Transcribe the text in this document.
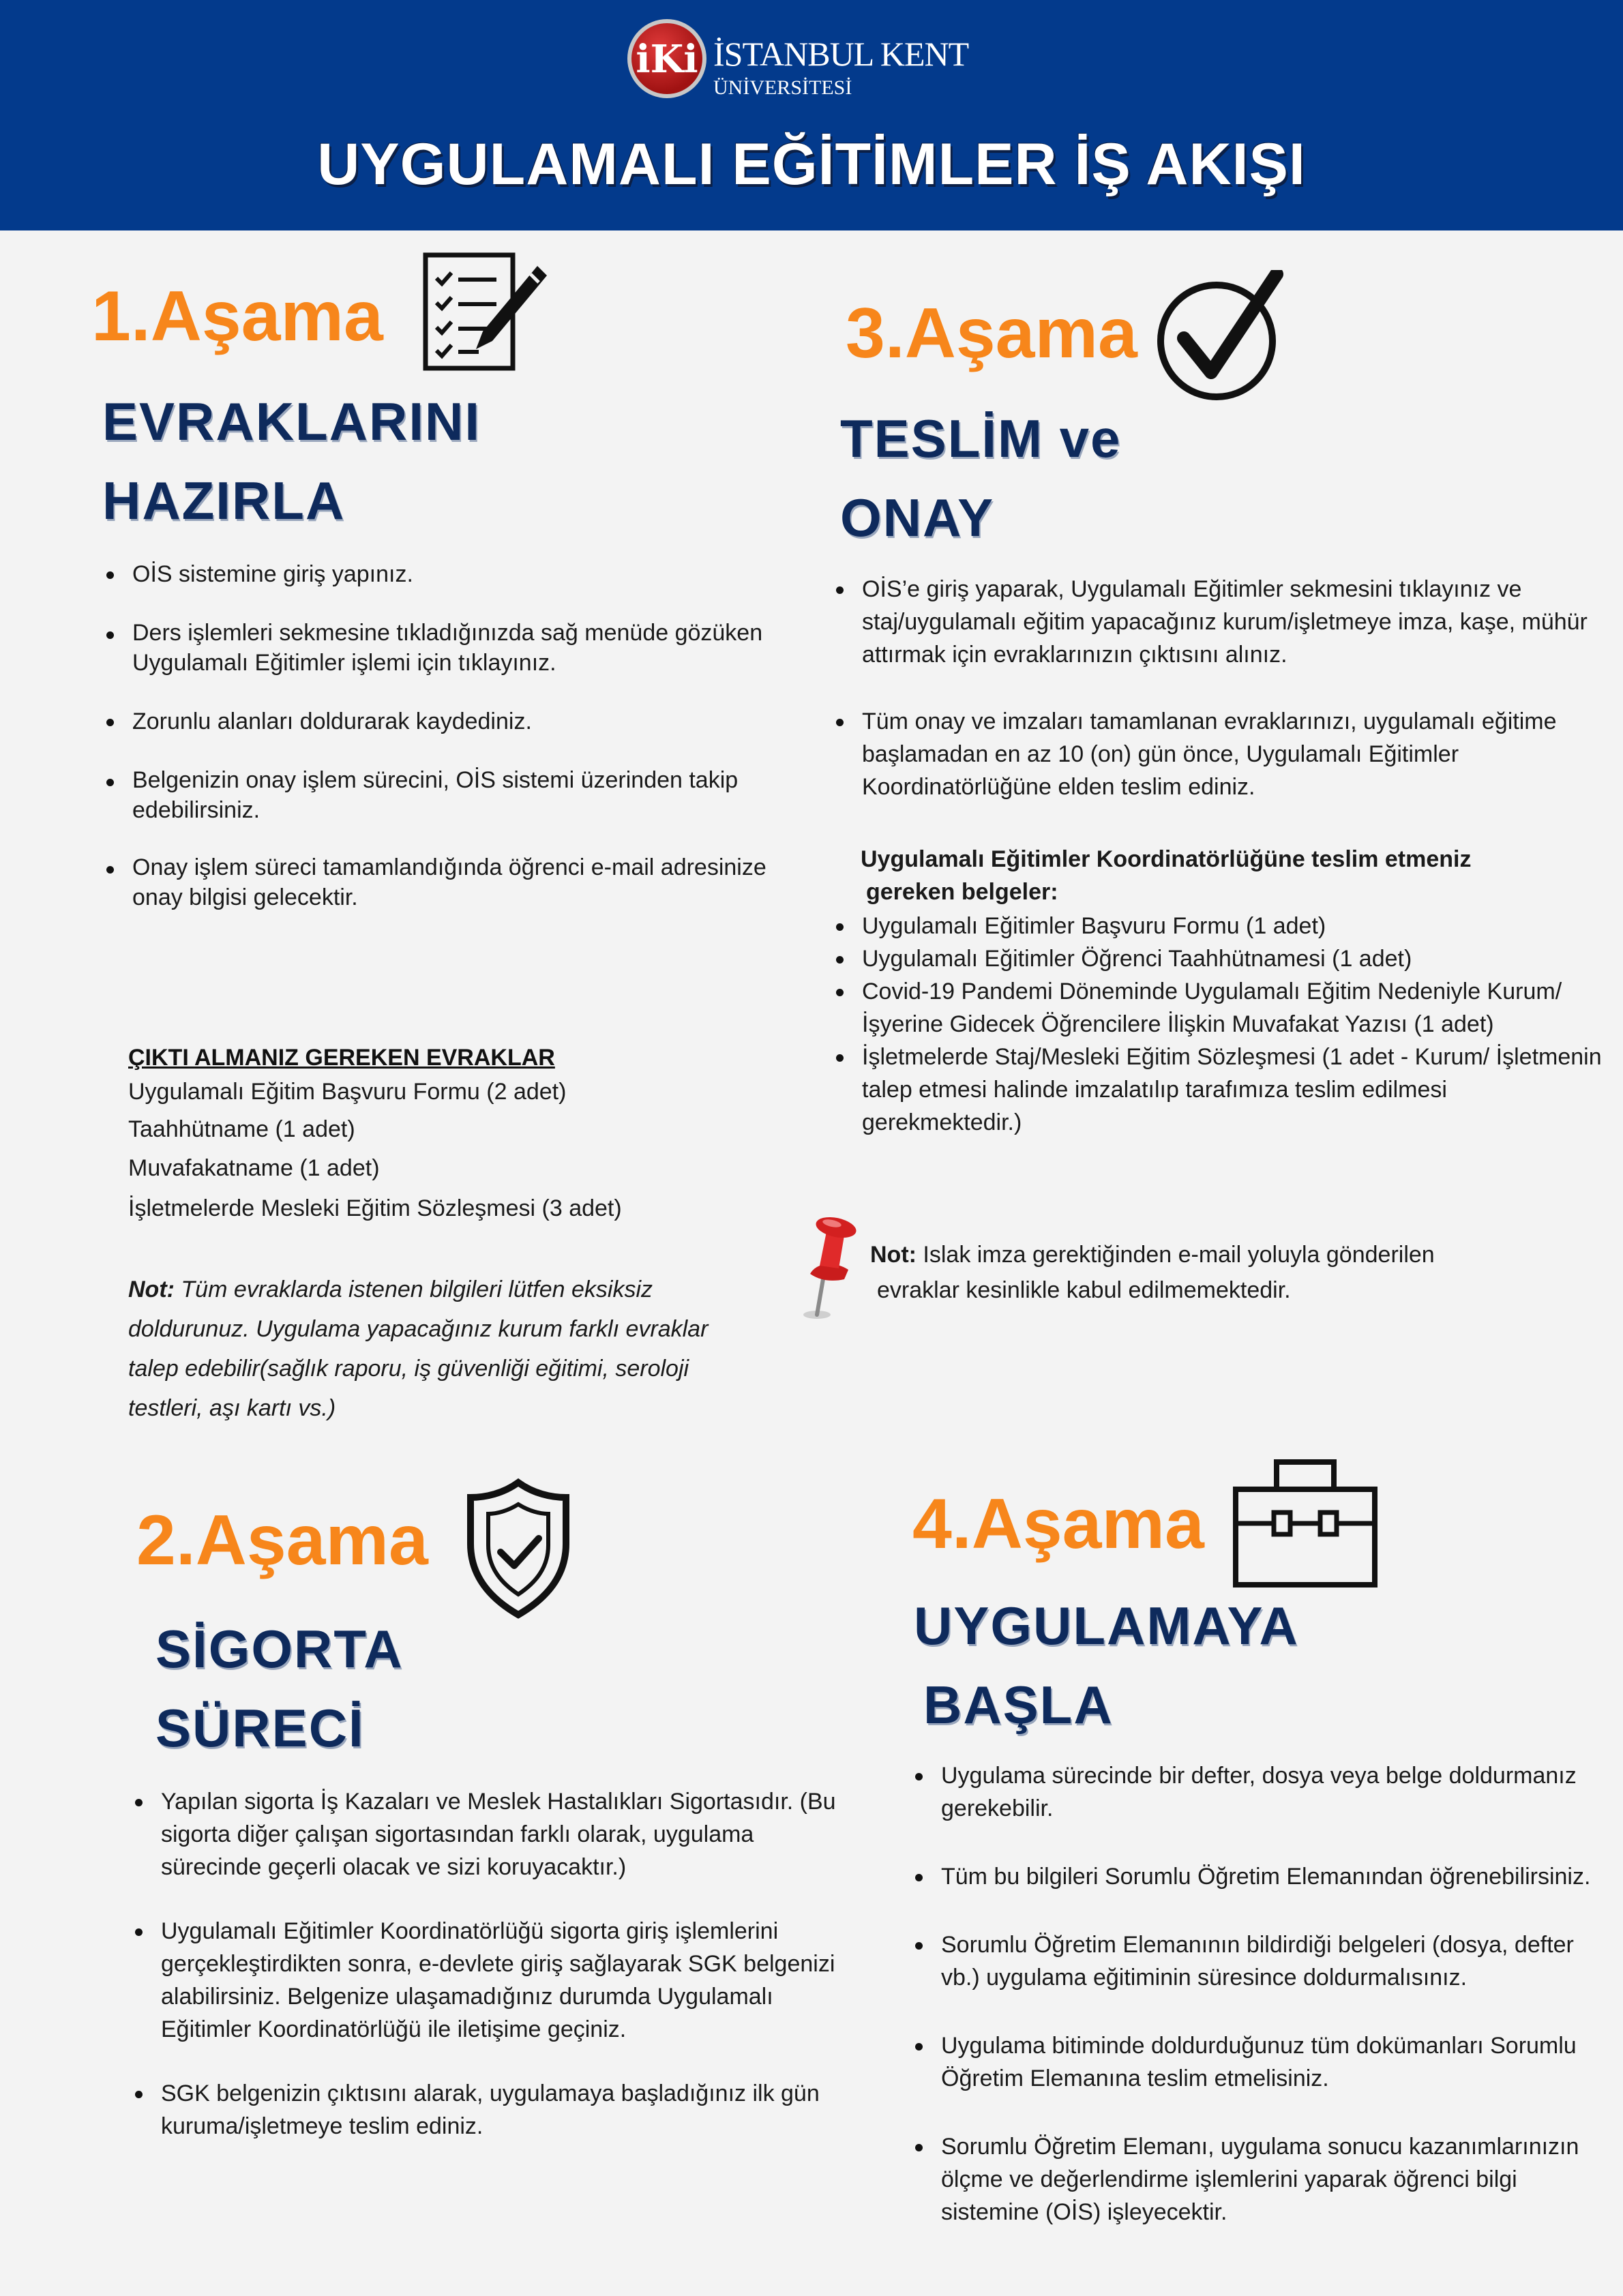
iKi İSTANBUL KENT
ÜNİVERSİTESİ
UYGULAMALI EĞİTİMLER İŞ AKIŞI
1.Aşama
EVRAKLARINI
HAZIRLA
OİS sistemine giriş yapınız.
Ders işlemleri sekmesine tıkladığınızda sağ menüde gözüken Uygulamalı Eğitimler işlemi için tıklayınız.
Zorunlu alanları doldurarak kaydediniz.
Belgenizin onay işlem sürecini, OİS sistemi üzerinden takip edebilirsiniz.
Onay işlem süreci tamamlandığında öğrenci e-mail adresinize onay bilgisi gelecektir.
ÇIKTI ALMANIZ GEREKEN EVRAKLAR
Uygulamalı Eğitim Başvuru Formu (2 adet)
Taahhütname (1 adet)
Muvafakatname (1 adet)
İşletmelerde Mesleki Eğitim Sözleşmesi (3 adet)
Not: Tüm evraklarda istenen bilgileri lütfen eksiksiz doldurunuz. Uygulama yapacağınız kurum farklı evraklar talep edebilir(sağlık raporu, iş güvenliği eğitimi, seroloji testleri, aşı kartı vs.)
2.Aşama
SİGORTA
SÜRECİ
Yapılan sigorta İş Kazaları ve Meslek Hastalıkları Sigortasıdır. (Bu sigorta diğer çalışan sigortasından farklı olarak, uygulama sürecinde geçerli olacak ve sizi koruyacaktır.)
Uygulamalı Eğitimler Koordinatörlüğü sigorta giriş işlemlerini gerçekleştirdikten sonra, e-devlete giriş sağlayarak SGK belgenizi alabilirsiniz. Belgenize ulaşamadığınız durumda Uygulamalı Eğitimler Koordinatörlüğü ile iletişime geçiniz.
SGK belgenizin çıktısını alarak, uygulamaya başladığınız ilk gün kuruma/işletmeye teslim ediniz.
3.Aşama
TESLİM ve
ONAY
OİS’e giriş yaparak, Uygulamalı Eğitimler sekmesini tıklayınız ve staj/uygulamalı eğitim yapacağınız kurum/işletmeye imza, kaşe, mühür attırmak için evraklarınızın çıktısını alınız.
Tüm onay ve imzaları tamamlanan evraklarınızı, uygulamalı eğitime başlamadan en az 10 (on) gün önce, Uygulamalı Eğitimler Koordinatörlüğüne elden teslim ediniz.
Uygulamalı Eğitimler Koordinatörlüğüne teslim etmeniz
gereken belgeler:
Uygulamalı Eğitimler Başvuru Formu (1 adet)
Uygulamalı Eğitimler Öğrenci Taahhütnamesi (1 adet)
Covid-19 Pandemi Döneminde Uygulamalı Eğitim Nedeniyle Kurum/İşyerine Gidecek Öğrencilere İlişkin Muvafakat Yazısı (1 adet)
İşletmelerde Staj/Mesleki Eğitim Sözleşmesi (1 adet - Kurum/ İşletmenin talep etmesi halinde imzalatılıp tarafımıza teslim edilmesi gerekmektedir.)
Not: Islak imza gerektiğinden e-mail yoluyla gönderilen
evraklar kesinlikle kabul edilmemektedir.
4.Aşama
UYGULAMAYA
BAŞLA
Uygulama sürecinde bir defter, dosya veya belge doldurmanız gerekebilir.
Tüm bu bilgileri Sorumlu Öğretim Elemanından öğrenebilirsiniz.
Sorumlu Öğretim Elemanının bildirdiği belgeleri (dosya, defter vb.) uygulama eğitiminin süresince doldurmalısınız.
Uygulama bitiminde doldurduğunuz tüm dokümanları Sorumlu Öğretim Elemanına teslim etmelisiniz.
Sorumlu Öğretim Elemanı, uygulama sonucu kazanımlarınızın ölçme ve değerlendirme işlemlerini yaparak öğrenci bilgi sistemine (OİS) işleyecektir.
